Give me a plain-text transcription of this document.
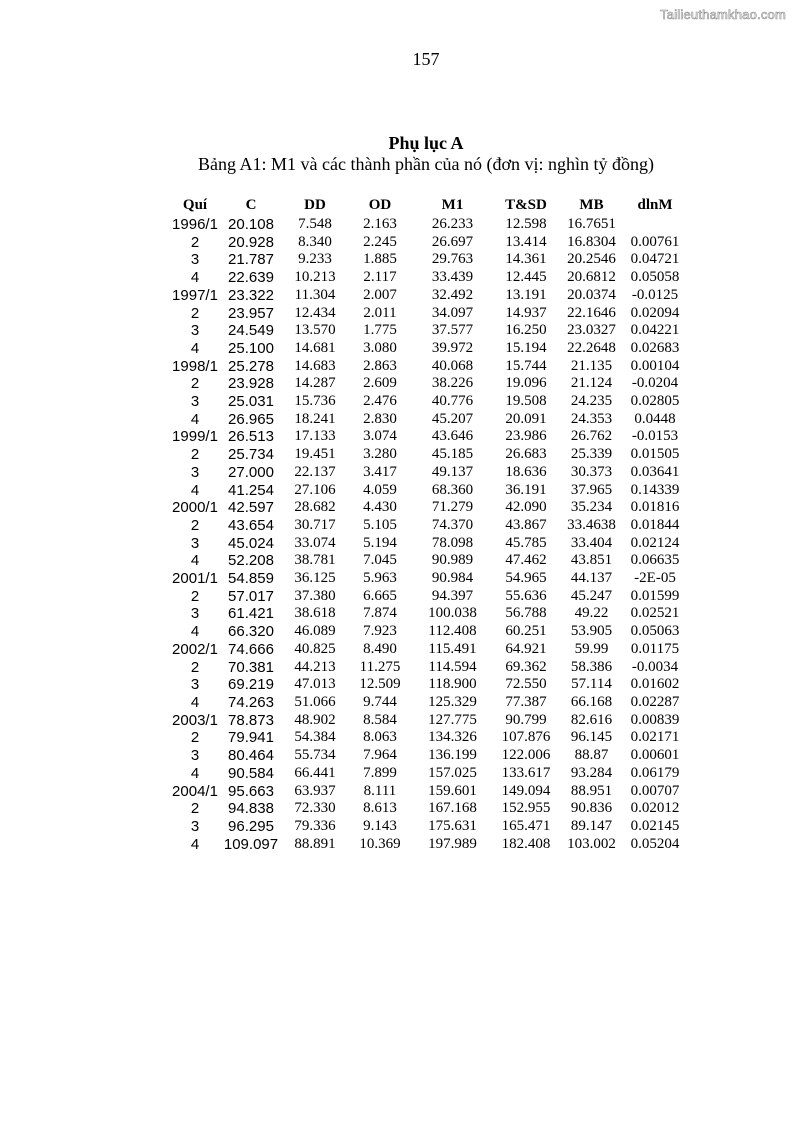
Tailieuthamkhao.com
157
Phụ lục A
Bảng A1: M1 và các thành phần của nó (đơn vị: nghìn tỷ đồng)
Quí	C	DD	OD	M1	T&SD	MB	dlnM
1996/1	20.108	7.548	2.163	26.233	12.598	16.7651	
2	20.928	8.340	2.245	26.697	13.414	16.8304	0.00761
3	21.787	9.233	1.885	29.763	14.361	20.2546	0.04721
4	22.639	10.213	2.117	33.439	12.445	20.6812	0.05058
1997/1	23.322	11.304	2.007	32.492	13.191	20.0374	-0.0125
2	23.957	12.434	2.011	34.097	14.937	22.1646	0.02094
3	24.549	13.570	1.775	37.577	16.250	23.0327	0.04221
4	25.100	14.681	3.080	39.972	15.194	22.2648	0.02683
1998/1	25.278	14.683	2.863	40.068	15.744	21.135	0.00104
2	23.928	14.287	2.609	38.226	19.096	21.124	-0.0204
3	25.031	15.736	2.476	40.776	19.508	24.235	0.02805
4	26.965	18.241	2.830	45.207	20.091	24.353	0.0448
1999/1	26.513	17.133	3.074	43.646	23.986	26.762	-0.0153
2	25.734	19.451	3.280	45.185	26.683	25.339	0.01505
3	27.000	22.137	3.417	49.137	18.636	30.373	0.03641
4	41.254	27.106	4.059	68.360	36.191	37.965	0.14339
2000/1	42.597	28.682	4.430	71.279	42.090	35.234	0.01816
2	43.654	30.717	5.105	74.370	43.867	33.4638	0.01844
3	45.024	33.074	5.194	78.098	45.785	33.404	0.02124
4	52.208	38.781	7.045	90.989	47.462	43.851	0.06635
2001/1	54.859	36.125	5.963	90.984	54.965	44.137	-2E-05
2	57.017	37.380	6.665	94.397	55.636	45.247	0.01599
3	61.421	38.618	7.874	100.038	56.788	49.22	0.02521
4	66.320	46.089	7.923	112.408	60.251	53.905	0.05063
2002/1	74.666	40.825	8.490	115.491	64.921	59.99	0.01175
2	70.381	44.213	11.275	114.594	69.362	58.386	-0.0034
3	69.219	47.013	12.509	118.900	72.550	57.114	0.01602
4	74.263	51.066	9.744	125.329	77.387	66.168	0.02287
2003/1	78.873	48.902	8.584	127.775	90.799	82.616	0.00839
2	79.941	54.384	8.063	134.326	107.876	96.145	0.02171
3	80.464	55.734	7.964	136.199	122.006	88.87	0.00601
4	90.584	66.441	7.899	157.025	133.617	93.284	0.06179
2004/1	95.663	63.937	8.111	159.601	149.094	88.951	0.00707
2	94.838	72.330	8.613	167.168	152.955	90.836	0.02012
3	96.295	79.336	9.143	175.631	165.471	89.147	0.02145
4	109.097	88.891	10.369	197.989	182.408	103.002	0.05204
